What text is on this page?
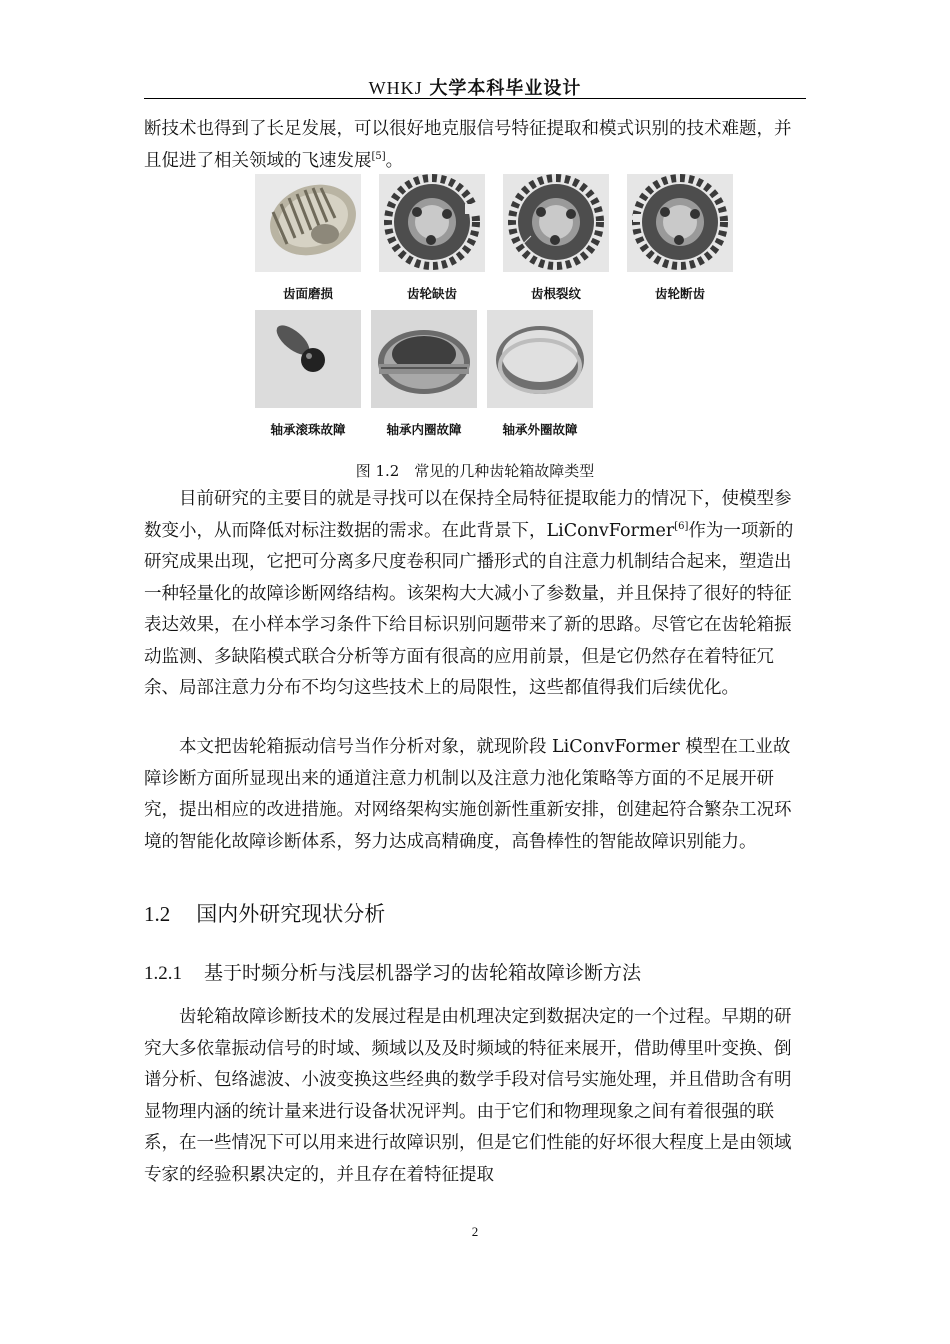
WHKJ 大学本科毕业设计

断技术也得到了长足发展，可以很好地克服信号特征提取和模式识别的技术难题，并且促进了相关领域的飞速发展[5]。

齿面磨损	齿轮缺齿	齿根裂纹	齿轮断齿
轴承滚珠故障	轴承内圈故障	轴承外圈故障
图 1.2　常见的几种齿轮箱故障类型

目前研究的主要目的就是寻找可以在保持全局特征提取能力的情况下，使模型参数变小，从而降低对标注数据的需求。在此背景下，LiConvFormer[6]作为一项新的研究成果出现，它把可分离多尺度卷积同广播形式的自注意力机制结合起来，塑造出一种轻量化的故障诊断网络结构。该架构大大减小了参数量，并且保持了很好的特征表达效果，在小样本学习条件下给目标识别问题带来了新的思路。尽管它在齿轮箱振动监测、多缺陷模式联合分析等方面有很高的应用前景，但是它仍然存在着特征冗余、局部注意力分布不均匀这些技术上的局限性，这些都值得我们后续优化。

本文把齿轮箱振动信号当作分析对象，就现阶段 LiConvFormer 模型在工业故障诊断方面所显现出来的通道注意力机制以及注意力池化策略等方面的不足展开研究，提出相应的改进措施。对网络架构实施创新性重新安排，创建起符合繁杂工况环境的智能化故障诊断体系，努力达成高精确度，高鲁棒性的智能故障识别能力。

1.2 国内外研究现状分析
1.2.1 基于时频分析与浅层机器学习的齿轮箱故障诊断方法

齿轮箱故障诊断技术的发展过程是由机理决定到数据决定的一个过程。早期的研究大多依靠振动信号的时域、频域以及及时频域的特征来展开，借助傅里叶变换、倒谱分析、包络滤波、小波变换这些经典的数学手段对信号实施处理，并且借助含有明显物理内涵的统计量来进行设备状况评判。由于它们和物理现象之间有着很强的联系，在一些情况下可以用来进行故障识别，但是它们性能的好坏很大程度上是由领域专家的经验积累决定的，并且存在着特征提取

2
